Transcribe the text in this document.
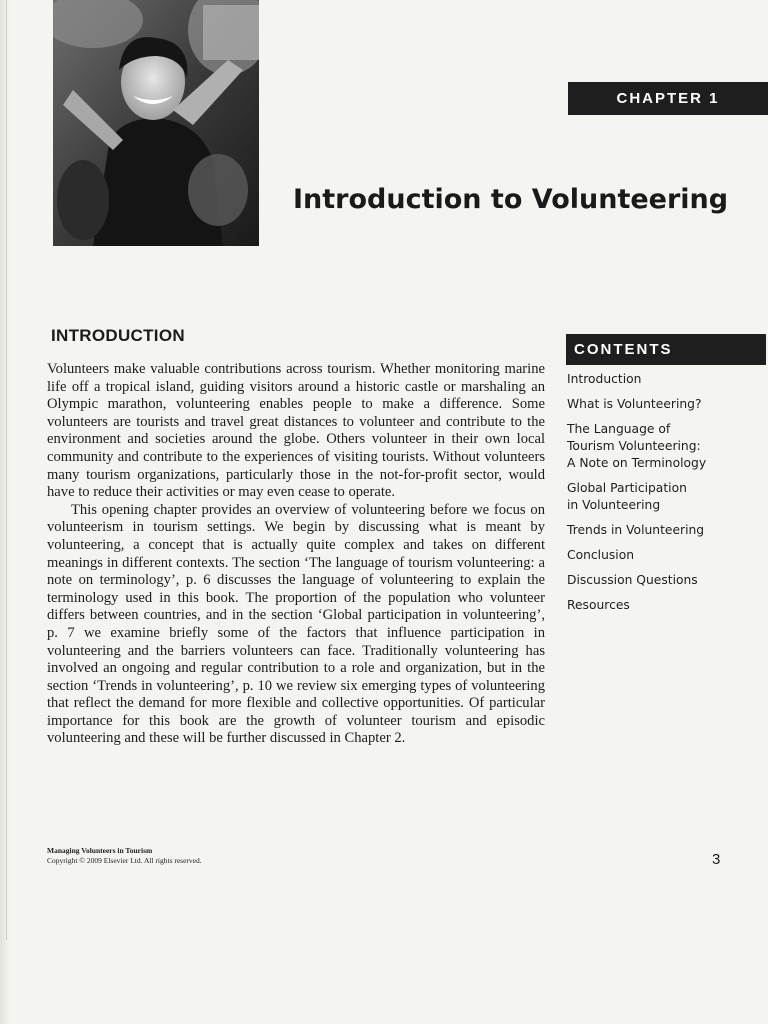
CHAPTER 1
Introduction to Volunteering
INTRODUCTION

Volunteers make valuable contributions across tourism. Whether monitoring marine life off a tropical island, guiding visitors around a historic castle or marshaling an Olympic marathon, volunteering enables people to make a difference. Some volunteers are tourists and travel great distances to volunteer and contribute to the environment and societies around the globe. Others volunteer in their own local community and contribute to the experiences of visiting tourists. Without volunteers many tourism organizations, particularly those in the not-for-profit sector, would have to reduce their activities or may even cease to operate.

This opening chapter provides an overview of volunteering before we focus on volunteerism in tourism settings. We begin by discussing what is meant by volunteering, a concept that is actually quite complex and takes on different meanings in different contexts. The section ‘The language of tourism volunteering: a note on terminology’, p. 6 discusses the language of volunteering to explain the terminology used in this book. The proportion of the population who volunteer differs between countries, and in the section ‘Global participation in volunteering’, p. 7 we examine briefly some of the factors that influence participation in volunteering and the barriers volunteers can face. Traditionally volunteering has involved an ongoing and regular contribution to a role and organization, but in the section ‘Trends in volunteering’, p. 10 we review six emerging types of volunteering that reflect the demand for more flexible and collective opportunities. Of particular importance for this book are the growth of volunteer tourism and episodic volunteering and these will be further discussed in Chapter 2.

CONTENTS
Introduction
What is Volunteering?
The Language of
Tourism Volunteering:
A Note on Terminology
Global Participation
in Volunteering
Trends in Volunteering
Conclusion
Discussion Questions
Resources
Managing Volunteers in Tourism
Copyright © 2009 Elsevier Ltd. All rights reserved.	3
